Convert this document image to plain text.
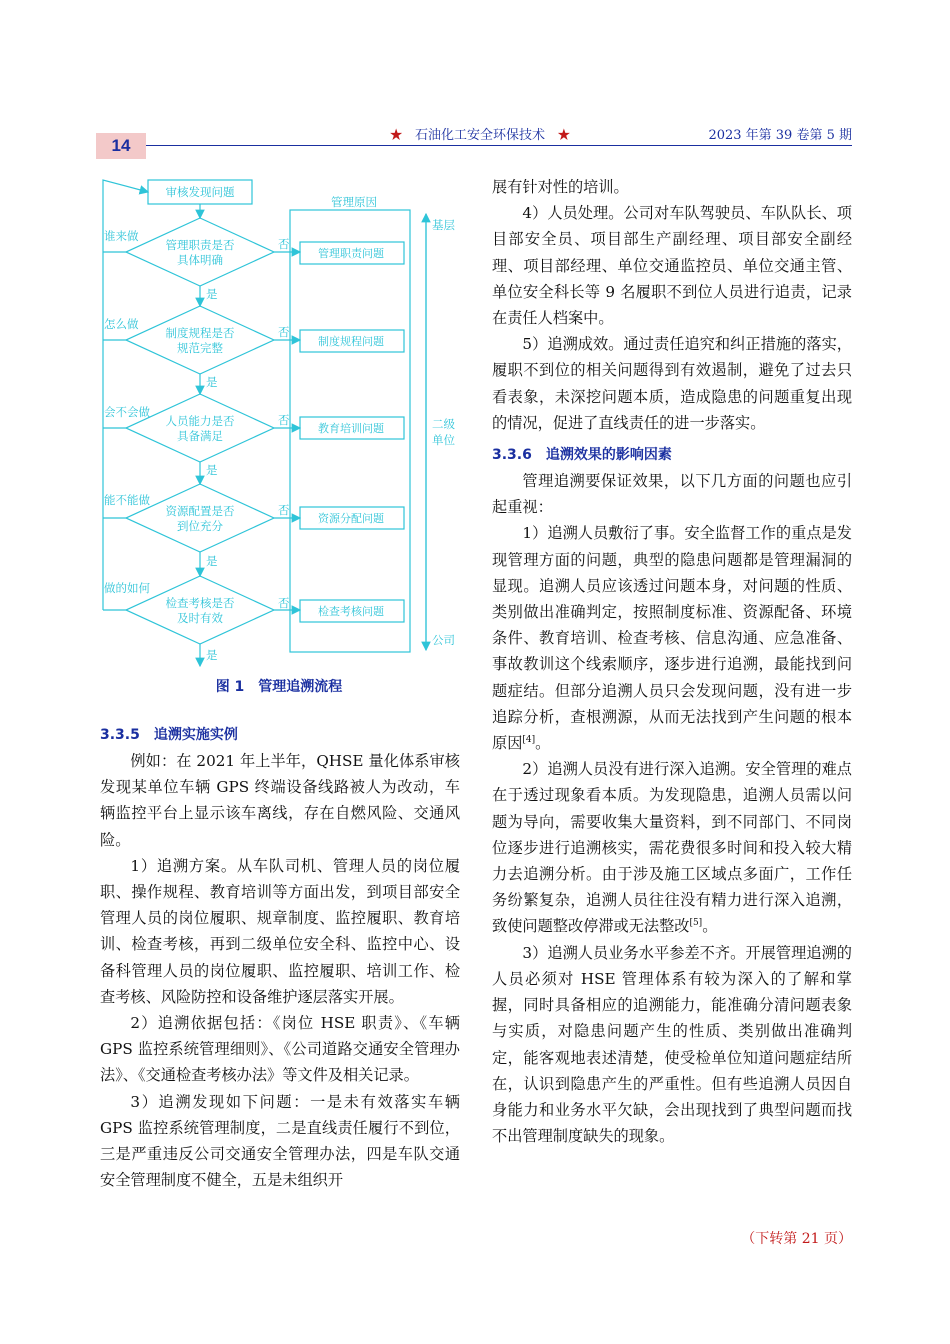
14
★ 石油化工安全环保技术 ★	2023 年第 39 卷第 5 期
审核发现问题
管理职责是否
具体明确
谁来做
管理职责问题
制度规程是否
规范完整
怎么做
制度规程问题
人员能力是否
具备满足
会不会做
教育培训问题
资源配置是否
到位充分
能不能做
资源分配问题
检查考核是否
及时有效
做的如何
检查考核问题
是
是
是
是
是
否
否
否
否
否
管理原因
基层
二级
单位
公司
图 1　管理追溯流程

3.3.5　追溯实施实例

例如：在 2021 年上半年，QHSE 量化体系审核发现某单位车辆 GPS 终端设备线路被人为改动，车辆监控平台上显示该车离线，存在自燃风险、交通风险。

1）追溯方案。从车队司机、管理人员的岗位履职、操作规程、教育培训等方面出发，到项目部安全管理人员的岗位履职、规章制度、监控履职、教育培训、检查考核，再到二级单位安全科、监控中心、设备科管理人员的岗位履职、监控履职、培训工作、检查考核、风险防控和设备维护逐层落实开展。

2）追溯依据包括：《岗位 HSE 职责》、《车辆 GPS 监控系统管理细则》、《公司道路交通安全管理办法》、《交通检查考核办法》等文件及相关记录。

3）追溯发现如下问题：一是未有效落实车辆 GPS 监控系统管理制度，二是直线责任履行不到位，三是严重违反公司交通安全管理办法，四是车队交通安全管理制度不健全，五是未组织开

展有针对性的培训。

4）人员处理。公司对车队驾驶员、车队队长、项目部安全员、项目部生产副经理、项目部安全副经理、项目部经理、单位交通监控员、单位交通主管、单位安全科长等 9 名履职不到位人员进行追责，记录在责任人档案中。

5）追溯成效。通过责任追究和纠正措施的落实，履职不到位的相关问题得到有效遏制，避免了过去只看表象，未深挖问题本质，造成隐患的问题重复出现的情况，促进了直线责任的进一步落实。

3.3.6　追溯效果的影响因素

管理追溯要保证效果，以下几方面的问题也应引起重视：

1）追溯人员敷衍了事。安全监督工作的重点是发现管理方面的问题，典型的隐患问题都是管理漏洞的显现。追溯人员应该透过问题本身，对问题的性质、类别做出准确判定，按照制度标准、资源配备、环境条件、教育培训、检查考核、信息沟通、应急准备、事故教训这个线索顺序，逐步进行追溯，最能找到问题症结。但部分追溯人员只会发现问题，没有进一步追踪分析，查根溯源，从而无法找到产生问题的根本原因[4]。

2）追溯人员没有进行深入追溯。安全管理的难点在于透过现象看本质。为发现隐患，追溯人员需以问题为导向，需要收集大量资料，到不同部门、不同岗位逐步进行追溯核实，需花费很多时间和投入较大精力去追溯分析。由于涉及施工区域点多面广，工作任务纷繁复杂，追溯人员往往没有精力进行深入追溯，致使问题整改停滞或无法整改[5]。

3）追溯人员业务水平参差不齐。开展管理追溯的人员必须对 HSE 管理体系有较为深入的了解和掌握，同时具备相应的追溯能力，能准确分清问题表象与实质，对隐患问题产生的性质、类别做出准确判定，能客观地表述清楚，使受检单位知道问题症结所在，认识到隐患产生的严重性。但有些追溯人员因自身能力和业务水平欠缺，会出现找到了典型问题而找不出管理制度缺失的现象。

（下转第 21 页）
